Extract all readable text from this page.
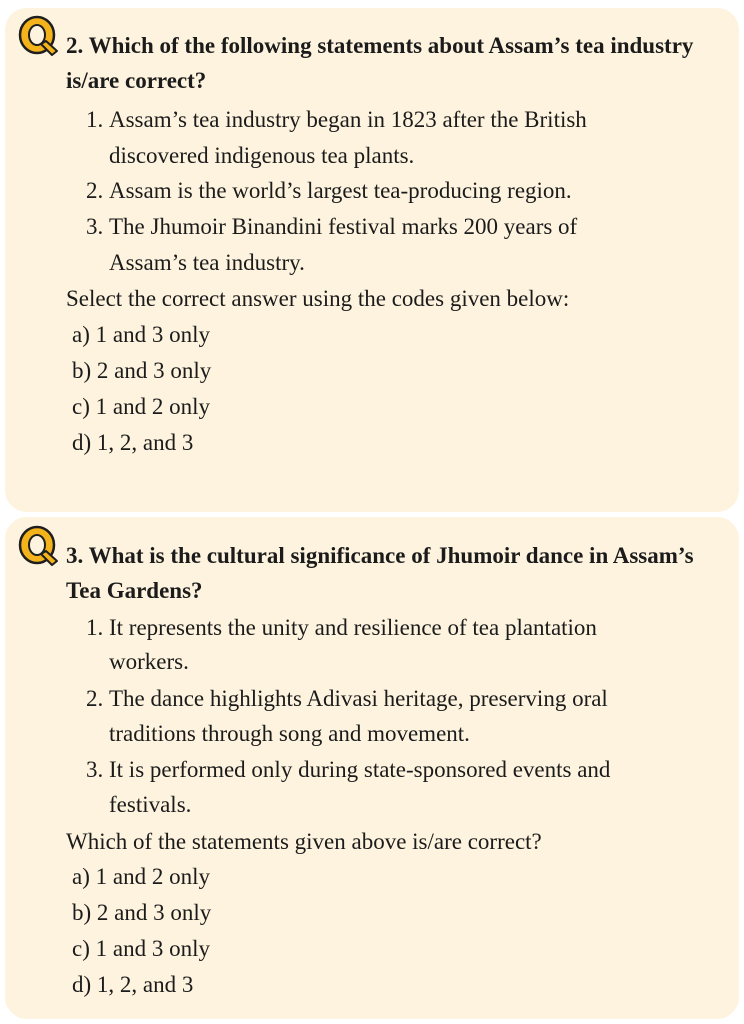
Q 2. Which of the following statements about Assam’s tea industry is/are correct?

1. Assam’s tea industry began in 1823 after the British
discovered indigenous tea plants.
2. Assam is the world’s largest tea-producing region.
3. The Jhumoir Binandini festival marks 200 years of
Assam’s tea industry.
Select the correct answer using the codes given below:
a) 1 and 3 only
b) 2 and 3 only
c) 1 and 2 only
d) 1, 2, and 3
Q 3. What is the cultural significance of Jhumoir dance in Assam’s Tea Gardens?

1. It represents the unity and resilience of tea plantation
workers.
2. The dance highlights Adivasi heritage, preserving oral
traditions through song and movement.
3. It is performed only during state-sponsored events and
festivals.
Which of the statements given above is/are correct?
a) 1 and 2 only
b) 2 and 3 only
c) 1 and 3 only
d) 1, 2, and 3
